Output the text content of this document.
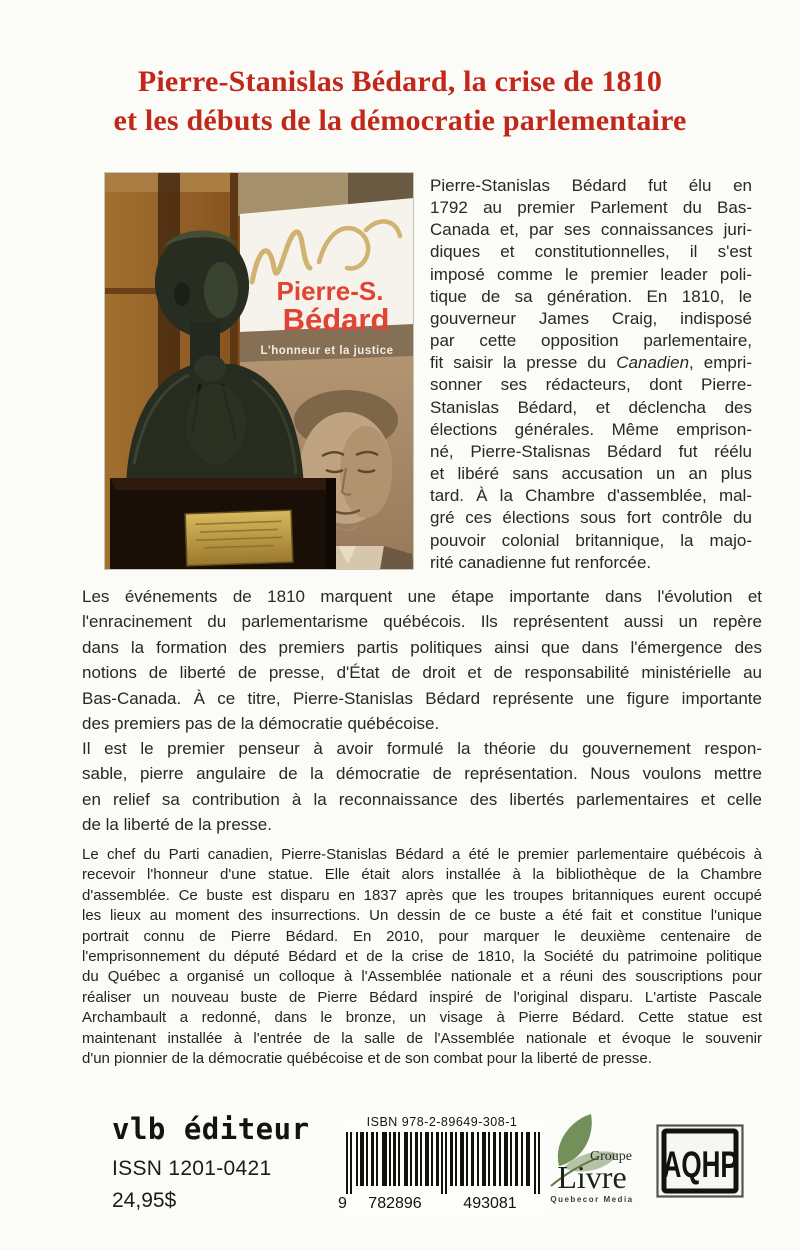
Pierre-Stanislas Bédard, la crise de 1810
et les débuts de la démocratie parlementaire
Pierre-S.
Bédard
L'honneur et la justice
Pierre-Stanislas Bédard fut élu en
1792 au premier Parlement du Bas-
Canada et, par ses connaissances juri-
diques et constitutionnelles, il s'est
imposé comme le premier leader poli-
tique de sa génération. En 1810, le
gouverneur James Craig, indisposé
par cette opposition parlementaire,
fit saisir la presse du Canadien, empri-
sonner ses rédacteurs, dont Pierre-
Stanislas Bédard, et déclencha des
élections générales. Même emprison-
né, Pierre-Stalisnas Bédard fut réélu
et libéré sans accusation un an plus
tard. À la Chambre d'assemblée, mal-
gré ces élections sous fort contrôle du
pouvoir colonial britannique, la majo-
rité canadienne fut renforcée.
Les événements de 1810 marquent une étape importante dans l'évolution et
l'enracinement du parlementarisme québécois. Ils représentent aussi un repère
dans la formation des premiers partis politiques ainsi que dans l'émergence des
notions de liberté de presse, d'État de droit et de responsabilité ministérielle au
Bas-Canada. À ce titre, Pierre-Stanislas Bédard représente une figure importante
des premiers pas de la démocratie québécoise.
Il est le premier penseur à avoir formulé la théorie du gouvernement respon-
sable, pierre angulaire de la démocratie de représentation. Nous voulons mettre
en relief sa contribution à la reconnaissance des libertés parlementaires et celle
de la liberté de la presse.
Le chef du Parti canadien, Pierre-Stanislas Bédard a été le premier parlementaire québécois à
recevoir l'honneur d'une statue. Elle était alors installée à la bibliothèque de la Chambre
d'assemblée. Ce buste est disparu en 1837 après que les troupes britanniques eurent occupé
les lieux au moment des insurrections. Un dessin de ce buste a été fait et constitue l'unique
portrait connu de Pierre Bédard. En 2010, pour marquer le deuxième centenaire de
l'emprisonnement du député Bédard et de la crise de 1810, la Société du patrimoine politique
du Québec a organisé un colloque à l'Assemblée nationale et a réuni des souscriptions pour
réaliser un nouveau buste de Pierre Bédard inspiré de l'original disparu. L'artiste Pascale
Archambault a redonné, dans le bronze, un visage à Pierre Bédard. Cette statue est
maintenant installée à l'entrée de la salle de l'Assemblée nationale et évoque le souvenir
d'un pionnier de la démocratie québécoise et de son combat pour la liberté de presse.
vlb éditeur
ISSN 1201-0421
24,95$
ISBN 978-2-89649-308-1
9 782896	493081
Groupe
Livre
Quebecor Media
AQHP
